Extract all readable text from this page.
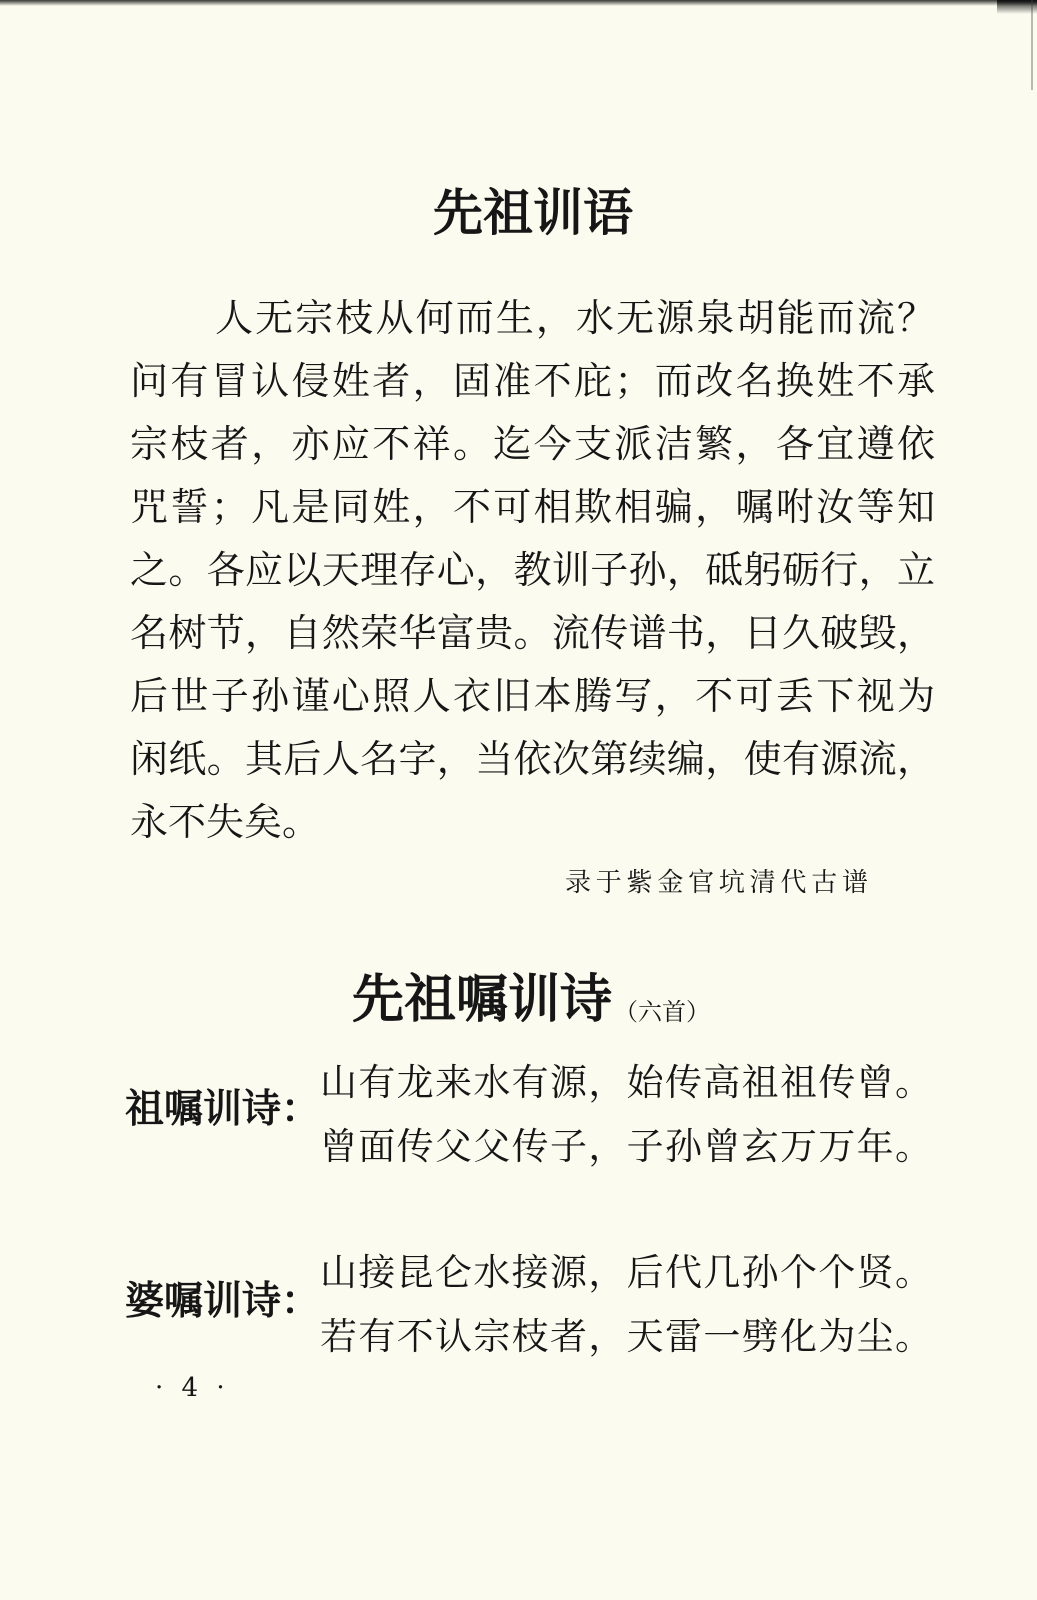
先祖训语
人无宗枝从何而生，水无源泉胡能而流？
问有冒认侵姓者，固准不庇；而改名换姓不承
宗枝者，亦应不祥。迄今支派洁繁，各宜遵依
咒誓；凡是同姓，不可相欺相骗，嘱咐汝等知
之。各应以天理存心，教训子孙，砥躬砺行，立
名树节，自然荣华富贵。流传谱书，日久破毁，
后世子孙谨心照人衣旧本腾写，不可丢下视为
闲纸。其后人名字，当依次第续编，使有源流，
永不失矣。
录于紫金官坑清代古谱
先祖嘱训诗 （六首）
祖嘱训诗：
山有龙来水有源，始传高祖祖传曾。
曾面传父父传子，子孙曾玄万万年。
婆嘱训诗：
山接昆仑水接源，后代几孙个个贤。
若有不认宗枝者，天雷一劈化为尘。
· 4 ·
